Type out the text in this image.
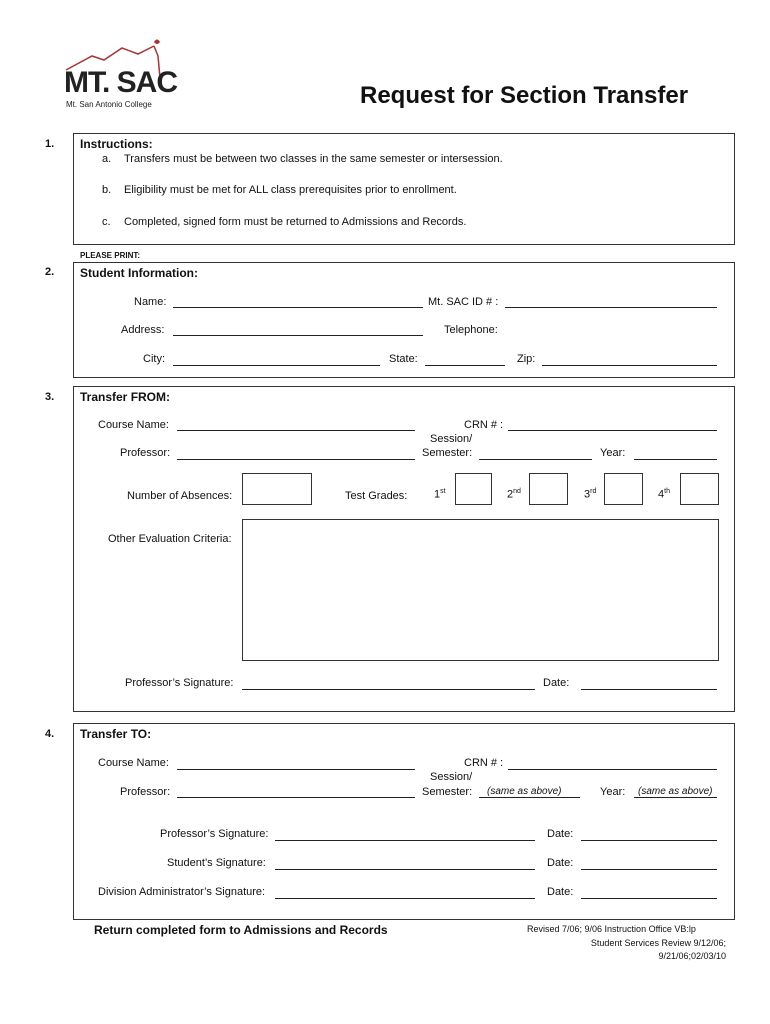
MT. SAC
Mt. San Antonio College	Request for Section Transfer
1. Instructions:
a. Transfers must be between two classes in the same semester or intersession.
b. Eligibility must be met for ALL class prerequisites prior to enrollment.
c. Completed, signed form must be returned to Admissions and Records.
PLEASE PRINT:
2. Student Information:
Name:	Mt. SAC ID # :
Address:	Telephone:
City:	State:	Zip:
3. Transfer FROM:
Course Name:	CRN # :
Session/
Professor:	Semester:	Year:
Number of Absences:	Test Grades: 1st	2nd	3rd	4th
Other Evaluation Criteria:
Professor’s Signature:	Date:
4. Transfer TO:
Course Name:	CRN # :
Session/
Professor:	Semester: (same as above)	Year: (same as above)
Professor’s Signature:	Date:
Student’s Signature:	Date:
Division Administrator’s Signature:	Date:
Return completed form to Admissions and Records	Revised 7/06; 9/06 Instruction Office VB:lp
Student Services Review 9/12/06;
9/21/06;02/03/10
